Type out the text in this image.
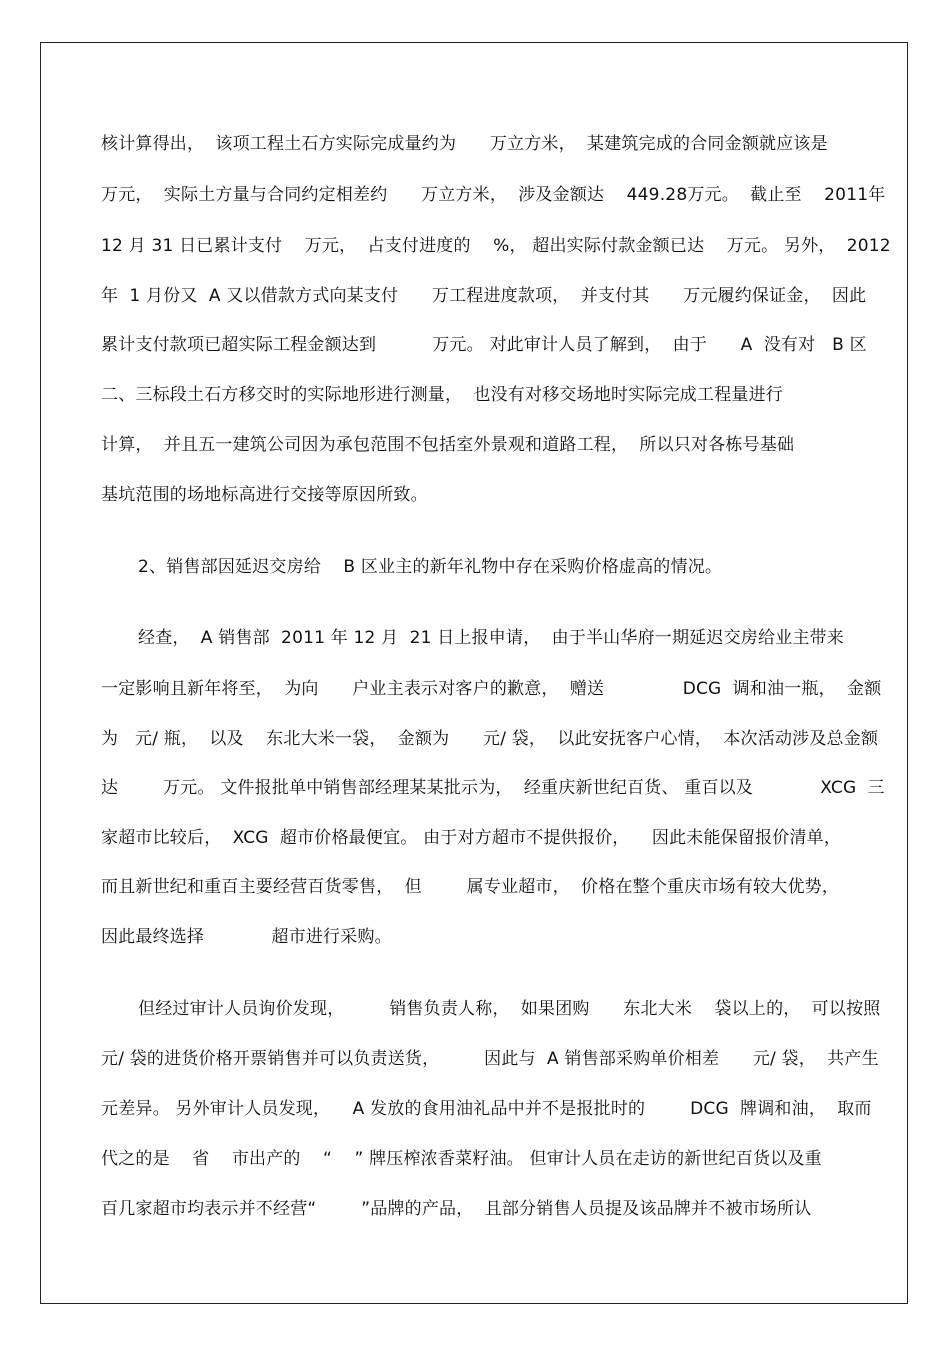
核计算得出，  该项工程土石方实际完成量约为      万立方米，  某建筑完成的合同金额就应该是

万元，  实际土方量与合同约定相差约      万立方米，  涉及金额达    449.28万元。  截止至    2011年

12 月 31 日已累计支付    万元，  占支付进度的    %， 超出实际付款金额已达    万元。 另外，  2012

年  1 月份又  A 又以借款方式向某支付      万工程进度款项，  并支付其      万元履约保证金，  因此

累计支付款项已超实际工程金额达到          万元。 对此审计人员了解到，  由于      A  没有对   B 区

二、三标段土石方移交时的实际地形进行测量，  也没有对移交场地时实际完成工程量进行

计算，  并且五一建筑公司因为承包范围不包括室外景观和道路工程，  所以只对各栋号基础

基坑范围的场地标高进行交接等原因所致。

2、销售部因延迟交房给    B 区业主的新年礼物中存在采购价格虚高的情况。

经查，  A 销售部  2011 年 12 月  21 日上报申请，  由于半山华府一期延迟交房给业主带来

一定影响且新年将至，  为向      户业主表示对客户的歉意，  赠送              DCG  调和油一瓶，  金额

为   元/ 瓶，  以及    东北大米一袋，  金额为      元/ 袋，  以此安抚客户心情，  本次活动涉及总金额

达        万元。 文件报批单中销售部经理某某批示为，  经重庆新世纪百货、 重百以及            XCG  三

家超市比较后，  XCG  超市价格最便宜。 由于对方超市不提供报价，    因此未能保留报价清单，

而且新世纪和重百主要经营百货零售，  但        属专业超市，  价格在整个重庆市场有较大优势，

因此最终选择            超市进行采购。

但经过审计人员询价发现，        销售负责人称，  如果团购      东北大米    袋以上的，  可以按照

元/ 袋的进货价格开票销售并可以负责送货，        因此与  A 销售部采购单价相差      元/ 袋，  共产生

元差异。 另外审计人员发现，    A 发放的食用油礼品中并不是报批时的        DCG  牌调和油，  取而

代之的是    省    市出产的    “    ” 牌压榨浓香菜籽油。 但审计人员在走访的新世纪百货以及重

百几家超市均表示并不经营“        ”品牌的产品，  且部分销售人员提及该品牌并不被市场所认
